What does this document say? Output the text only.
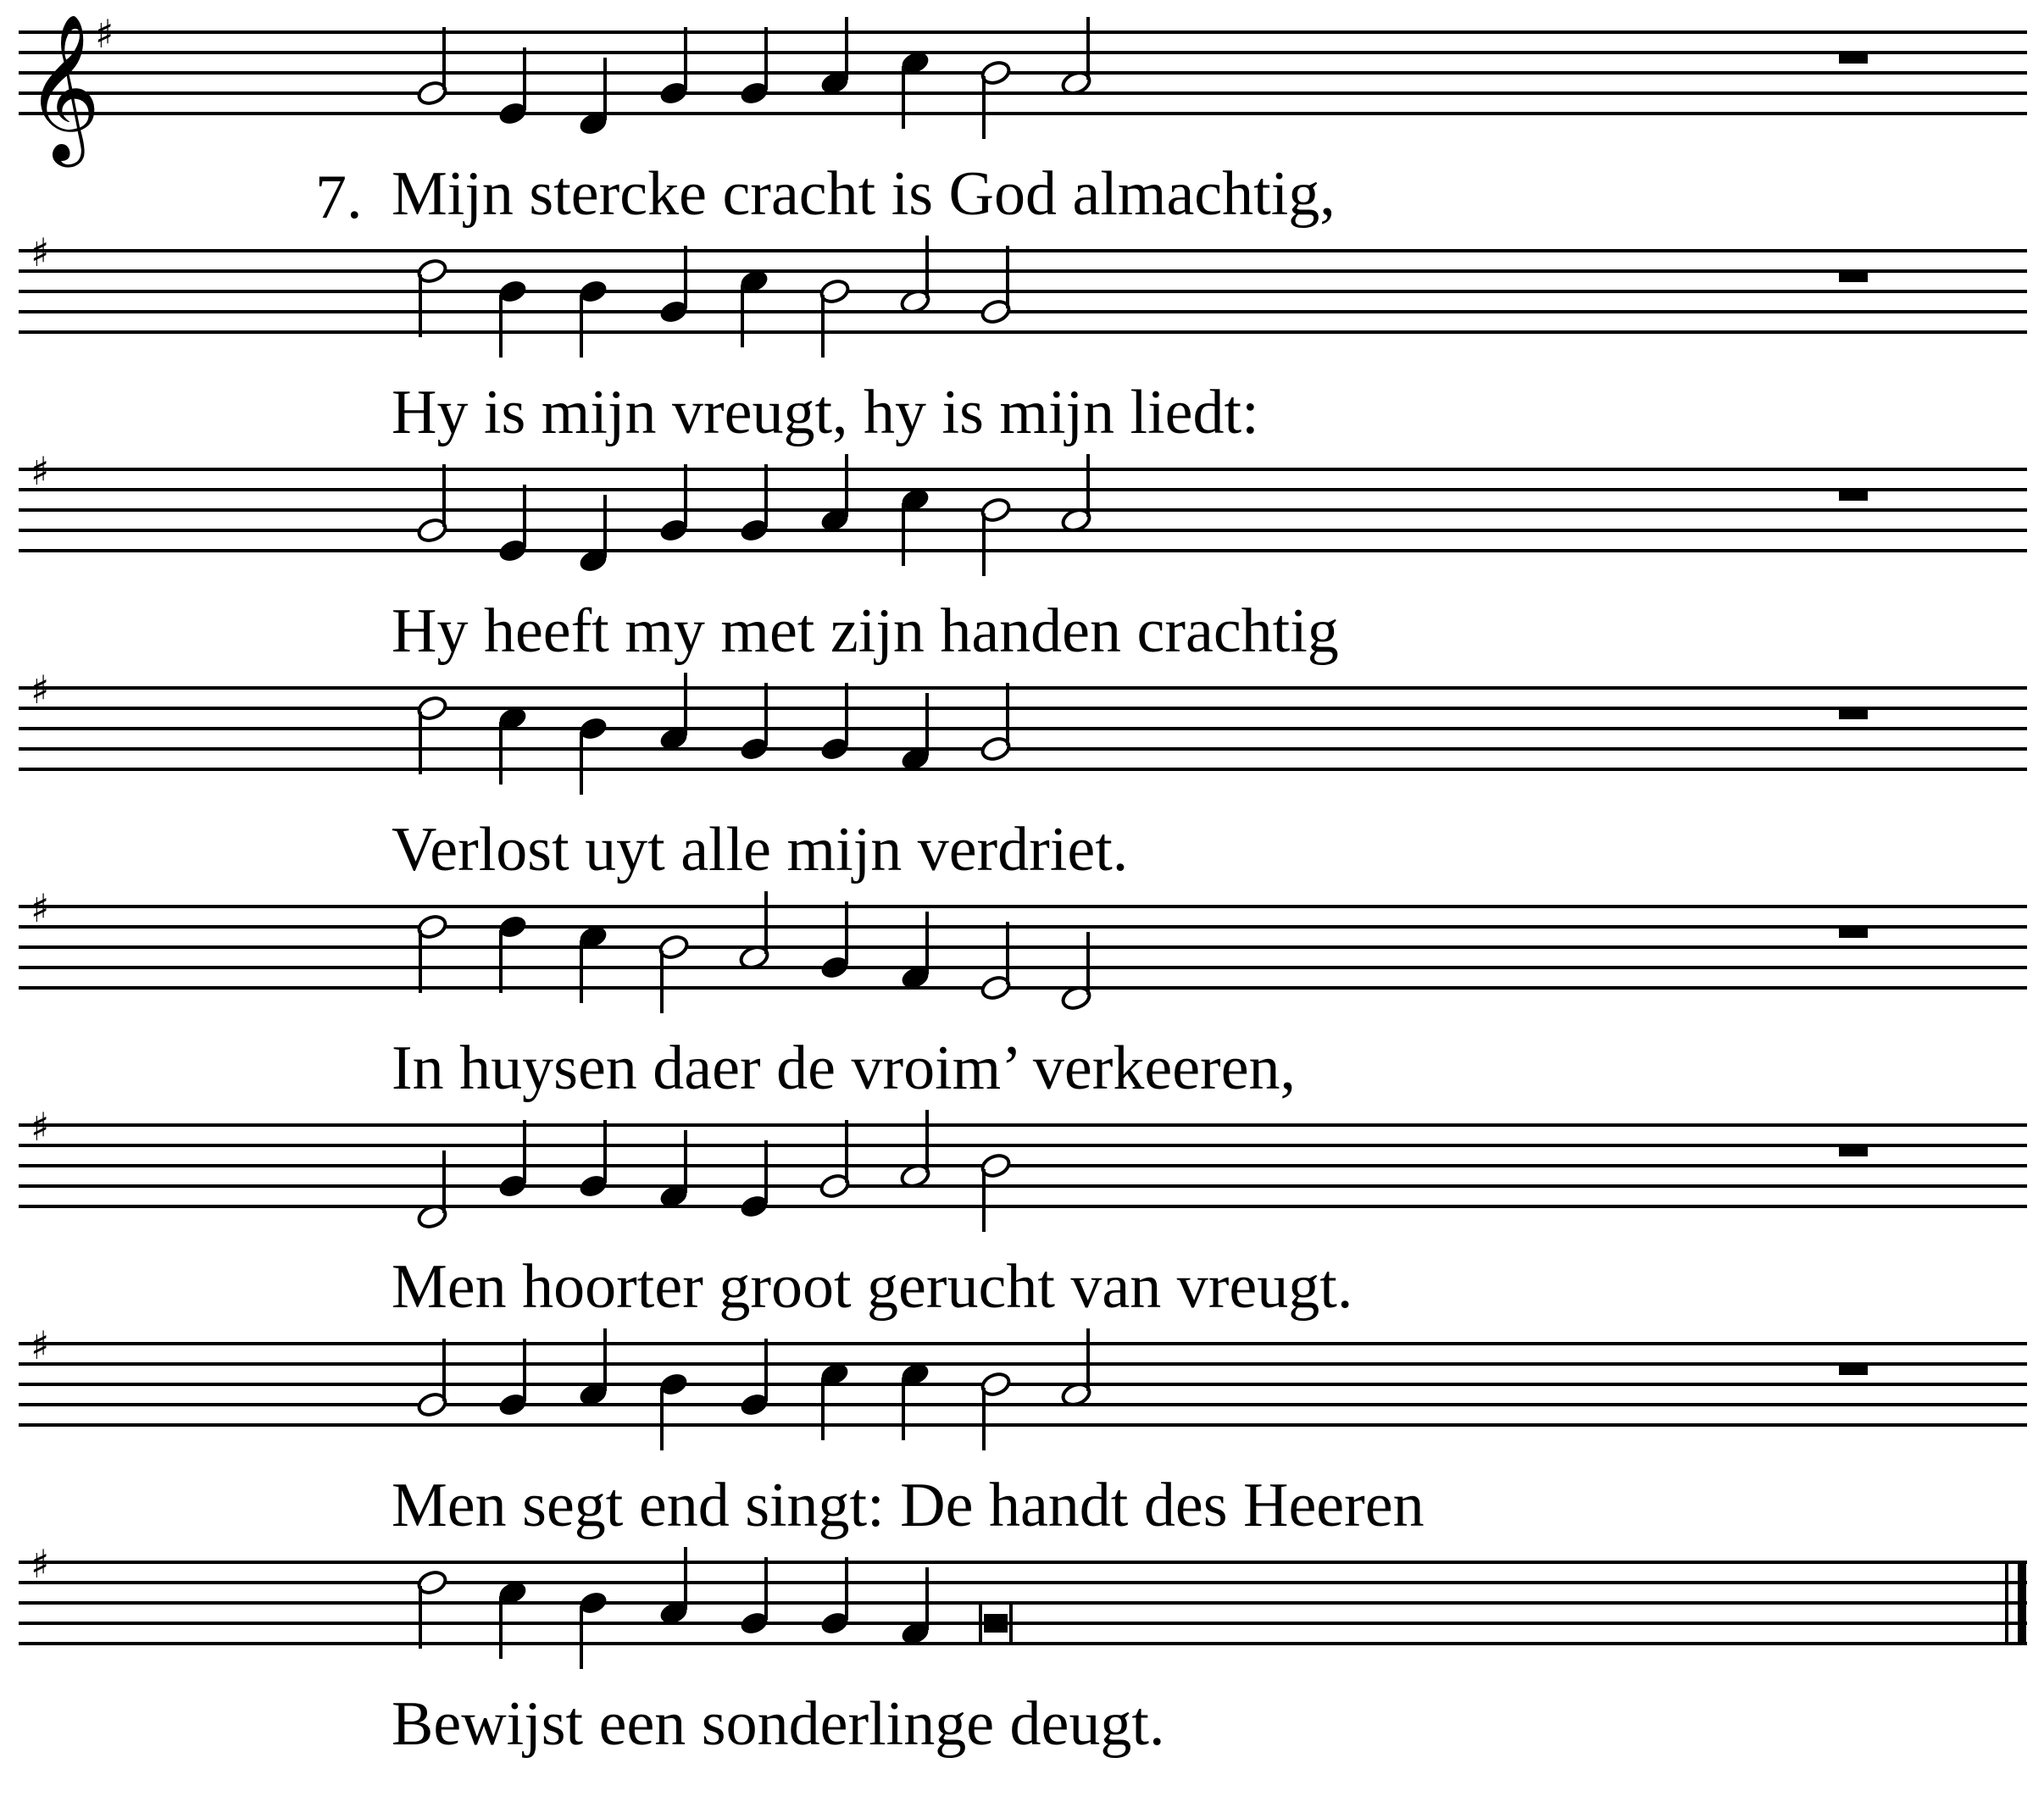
𝄞
♯
♯
♯
♯
♯
♯
♯
♯
7. Mijn stercke cracht is God almachtig,
Hy is mijn vreugt, hy is mijn liedt:
Hy heeft my met zijn handen crachtig
Verlost uyt alle mijn verdriet.
In huysen daer de vroim’ verkeeren,
Men hoorter groot gerucht van vreugt.
Men segt end singt: De handt des Heeren
Bewijst een sonderlinge deugt.
